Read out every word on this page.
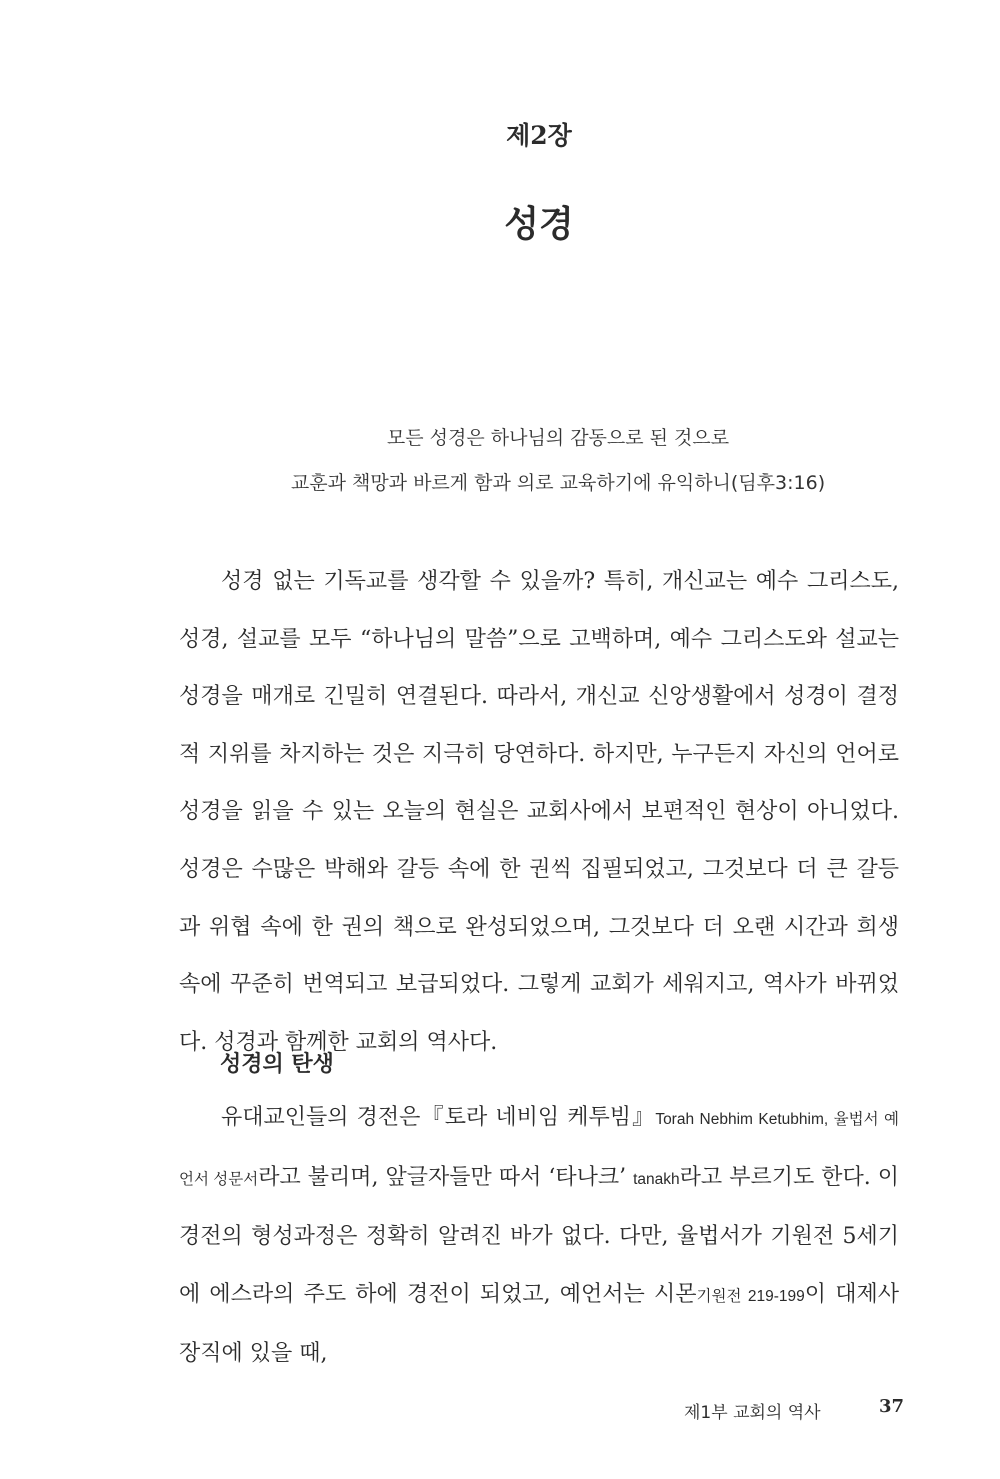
제2장
성경
모든 성경은 하나님의 감동으로 된 것으로
교훈과 책망과 바르게 함과 의로 교육하기에 유익하니(딤후3:16)

성경 없는 기독교를 생각할 수 있을까? 특히, 개신교는 예수 그리스도, 성경, 설교를 모두 “하나님의 말씀”으로 고백하며, 예수 그리스도와 설교는 성경을 매개로 긴밀히 연결된다. 따라서, 개신교 신앙생활에서 성경이 결정적 지위를 차지하는 것은 지극히 당연하다. 하지만, 누구든지 자신의 언어로 성경을 읽을 수 있는 오늘의 현실은 교회사에서 보편적인 현상이 아니었다. 성경은 수많은 박해와 갈등 속에 한 권씩 집필되었고, 그것보다 더 큰 갈등과 위협 속에 한 권의 책으로 완성되었으며, 그것보다 더 오랜 시간과 희생 속에 꾸준히 번역되고 보급되었다. 그렇게 교회가 세워지고, 역사가 바뀌었다. 성경과 함께한 교회의 역사다.

성경의 탄생

유대교인들의 경전은『토라 네비임 케투빔』Torah Nebhim Ketubhim, 율법서 예언서 성문서라고 불리며, 앞글자들만 따서 ‘타나크’ tanakh라고 부르기도 한다. 이 경전의 형성과정은 정확히 알려진 바가 없다. 다만, 율법서가 기원전 5세기에 에스라의 주도 하에 경전이 되었고, 예언서는 시몬기원전 219-199이 대제사장직에 있을 때,

제1부 교회의 역사	37
